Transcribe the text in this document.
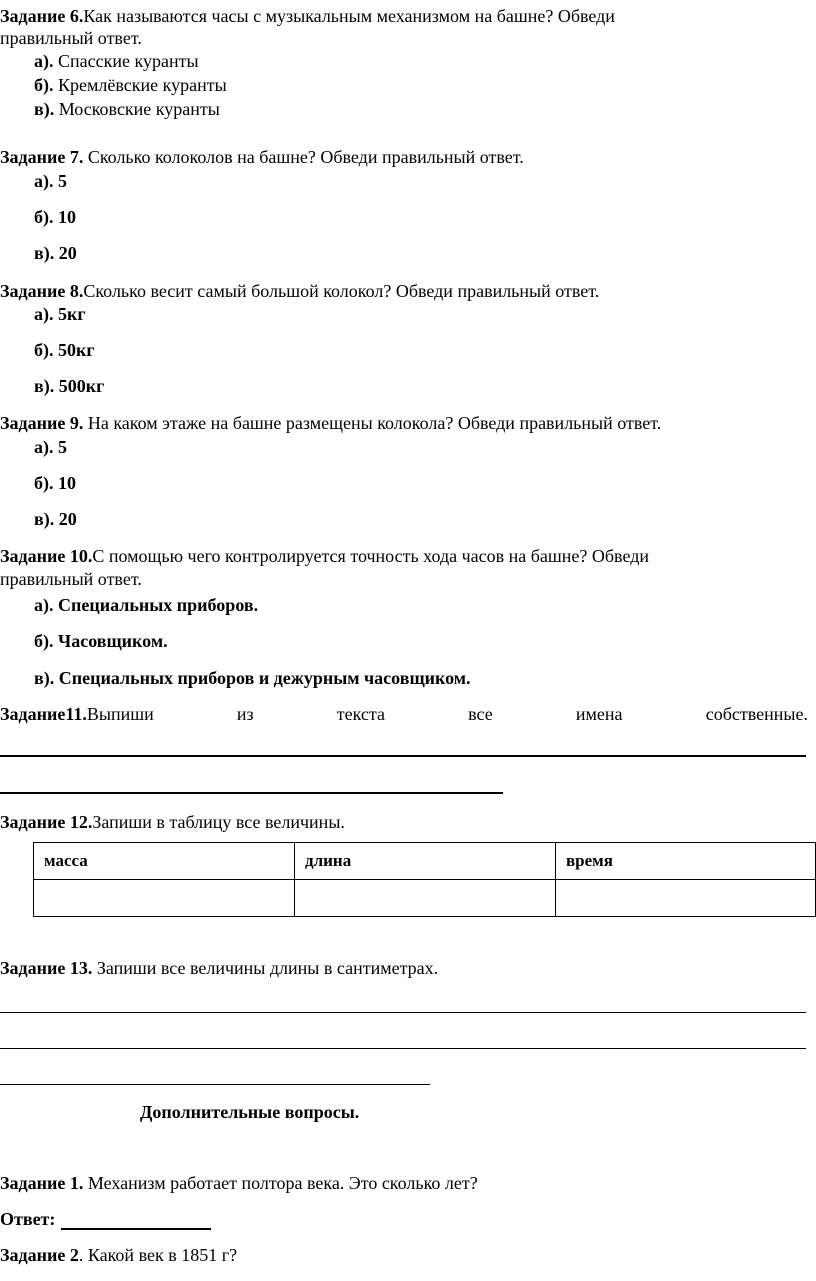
Задание 6.Как называются часы с музыкальным механизмом на башне? Обведи
правильный ответ.
а). Спасские куранты
б). Кремлёвские куранты
в). Московские куранты
Задание 7. Сколько колоколов на башне? Обведи правильный ответ.
а). 5
б). 10
в). 20
Задание 8.Сколько весит самый большой колокол? Обведи правильный ответ.
а). 5кг
б). 50кг
в). 500кг
Задание 9. На каком этаже на башне размещены колокола? Обведи правильный ответ.
а). 5
б). 10
в). 20
Задание 10.С помощью чего контролируется точность хода часов на башне? Обведи
правильный ответ.
а). Специальных приборов.
б). Часовщиком.
в). Специальных приборов и дежурным часовщиком.
Задание11.Выпиши	из	текста	все	имена	собственные.
Задание 12.Запиши в таблицу все величины.
масса	длина	время

Задание 13. Запиши все величины длины в сантиметрах.
Дополнительные вопросы.
Задание 1. Механизм работает полтора века. Это сколько лет?
Ответ:
Задание 2. Какой век в 1851 г?
